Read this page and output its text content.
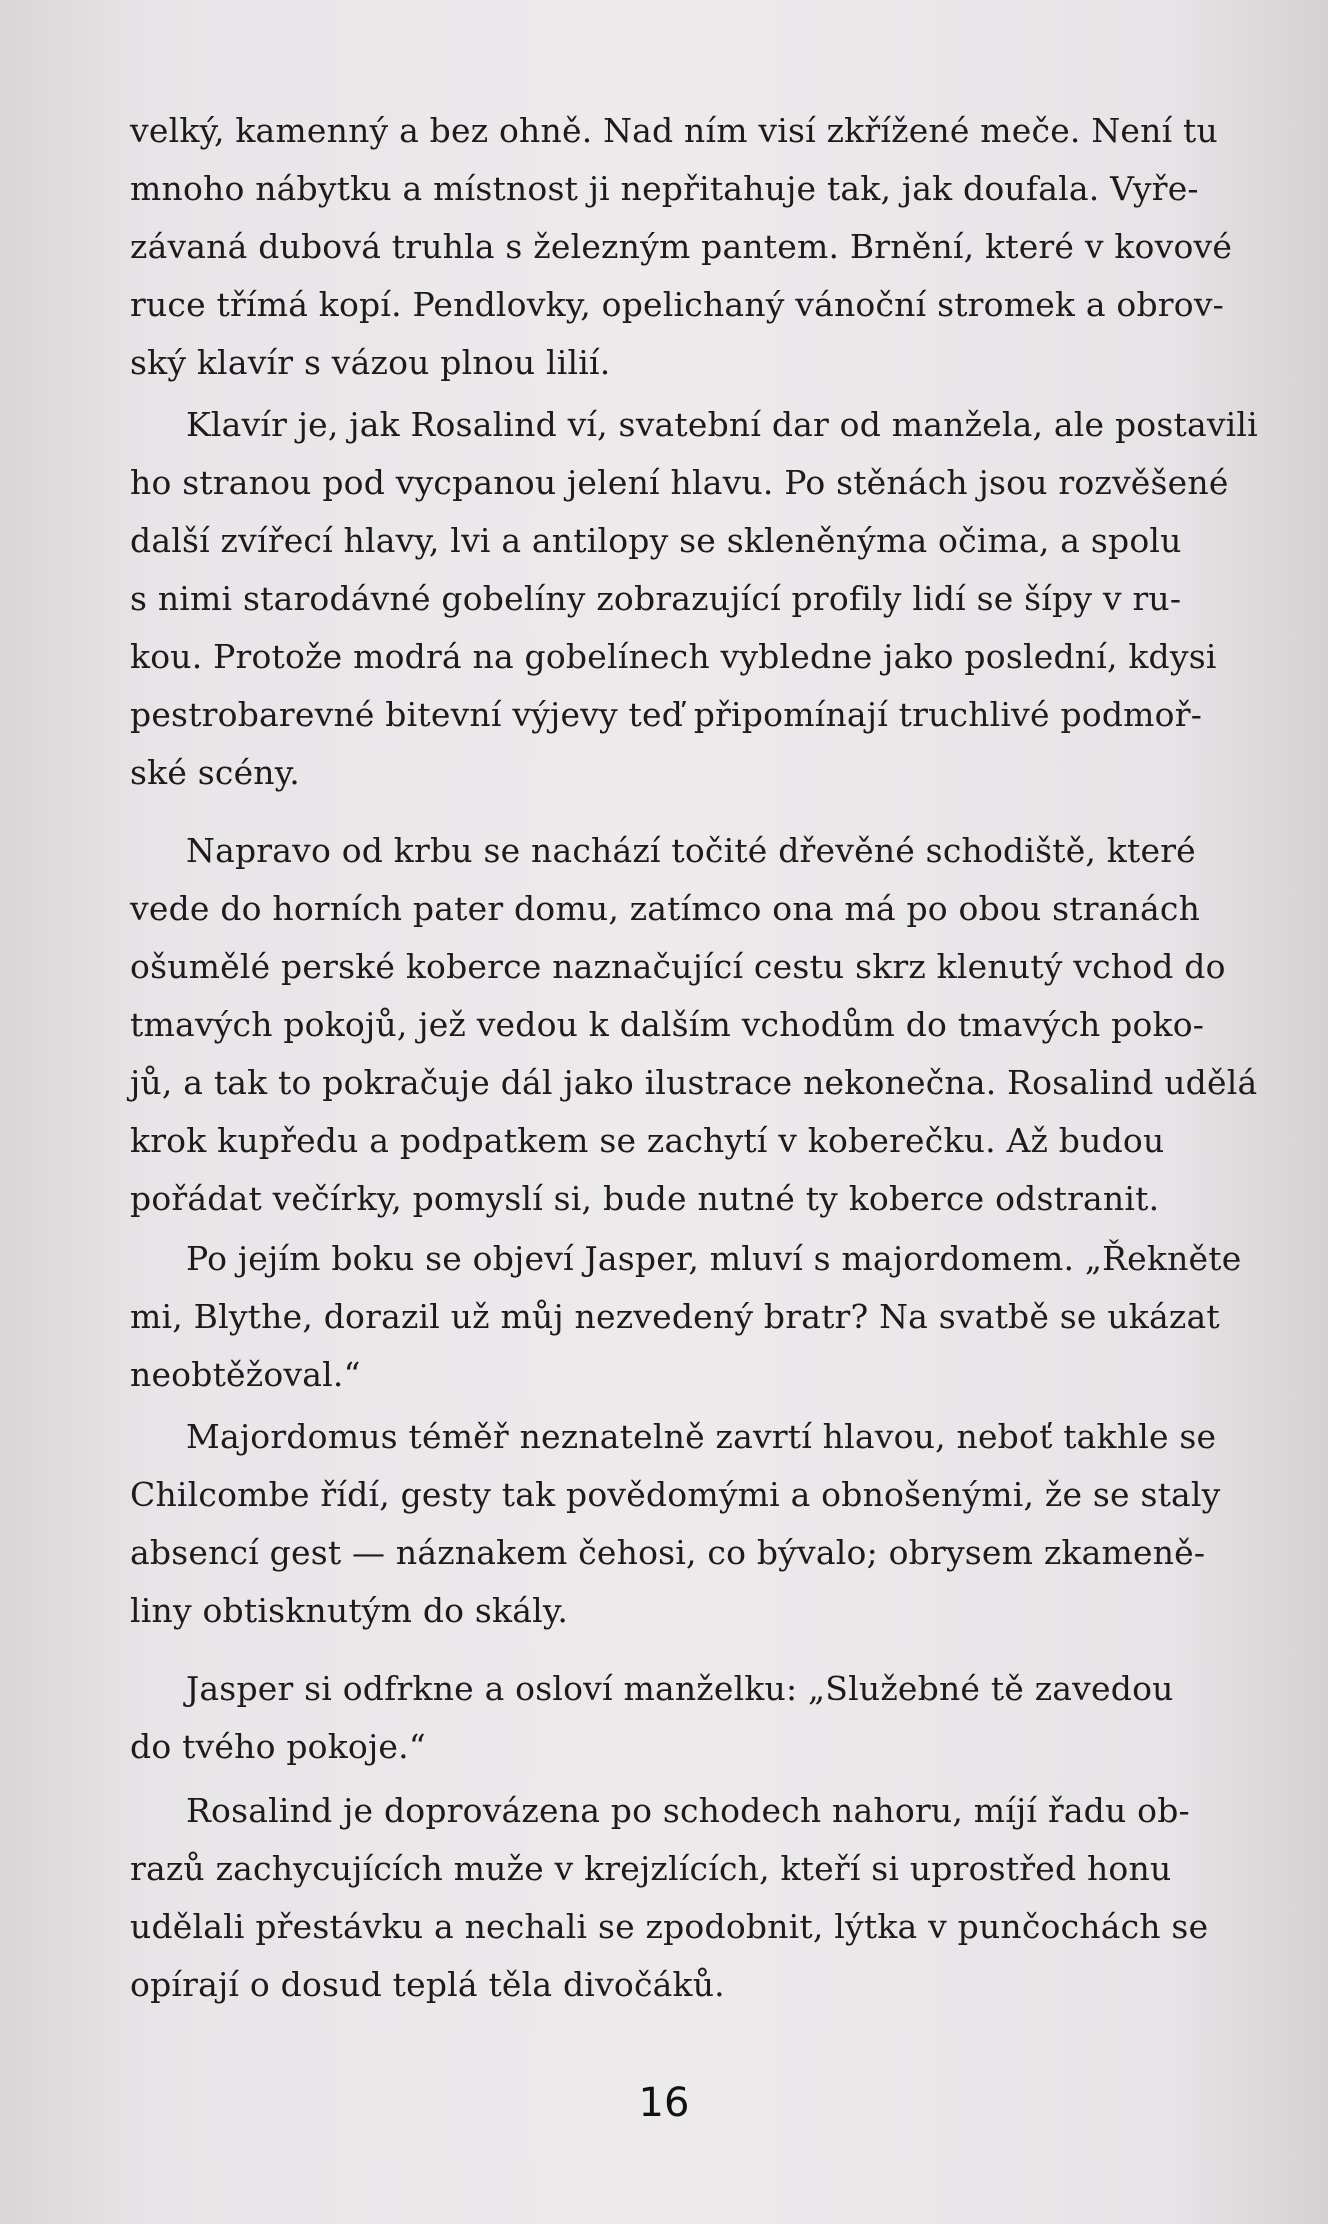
velký, kamenný a bez ohně. Nad ním visí zkřížené meče. Není tu
mnoho nábytku a místnost ji nepřitahuje tak, jak doufala. Vyře-
závaná dubová truhla s železným pantem. Brnění, které v kovové
ruce třímá kopí. Pendlovky, opelichaný vánoční stromek a obrov-
ský klavír s vázou plnou lilií.
Klavír je, jak Rosalind ví, svatební dar od manžela, ale postavili
ho stranou pod vycpanou jelení hlavu. Po stěnách jsou rozvěšené
další zvířecí hlavy, lvi a antilopy se skleněnýma očima, a spolu
s nimi starodávné gobelíny zobrazující profily lidí se šípy v ru-
kou. Protože modrá na gobelínech vybledne jako poslední, kdysi
pestrobarevné bitevní výjevy teď připomínají truchlivé podmoř-
ské scény.
Napravo od krbu se nachází točité dřevěné schodiště, které
vede do horních pater domu, zatímco ona má po obou stranách
ošumělé perské koberce naznačující cestu skrz klenutý vchod do
tmavých pokojů, jež vedou k dalším vchodům do tmavých poko-
jů, a tak to pokračuje dál jako ilustrace nekonečna. Rosalind udělá
krok kupředu a podpatkem se zachytí v koberečku. Až budou
pořádat večírky, pomyslí si, bude nutné ty koberce odstranit.
Po jejím boku se objeví Jasper, mluví s majordomem. „Řekněte
mi, Blythe, dorazil už můj nezvedený bratr? Na svatbě se ukázat
neobtěžoval.“
Majordomus téměř neznatelně zavrtí hlavou, neboť takhle se
Chilcombe řídí, gesty tak povědomými a obnošenými, že se staly
absencí gest — náznakem čehosi, co bývalo; obrysem zkameně-
liny obtisknutým do skály.
Jasper si odfrkne a osloví manželku: „Služebné tě zavedou
do tvého pokoje.“
Rosalind je doprovázena po schodech nahoru, míjí řadu ob-
razů zachycujících muže v krejzlících, kteří si uprostřed honu
udělali přestávku a nechali se zpodobnit, lýtka v punčochách se
opírají o dosud teplá těla divočáků.
16
